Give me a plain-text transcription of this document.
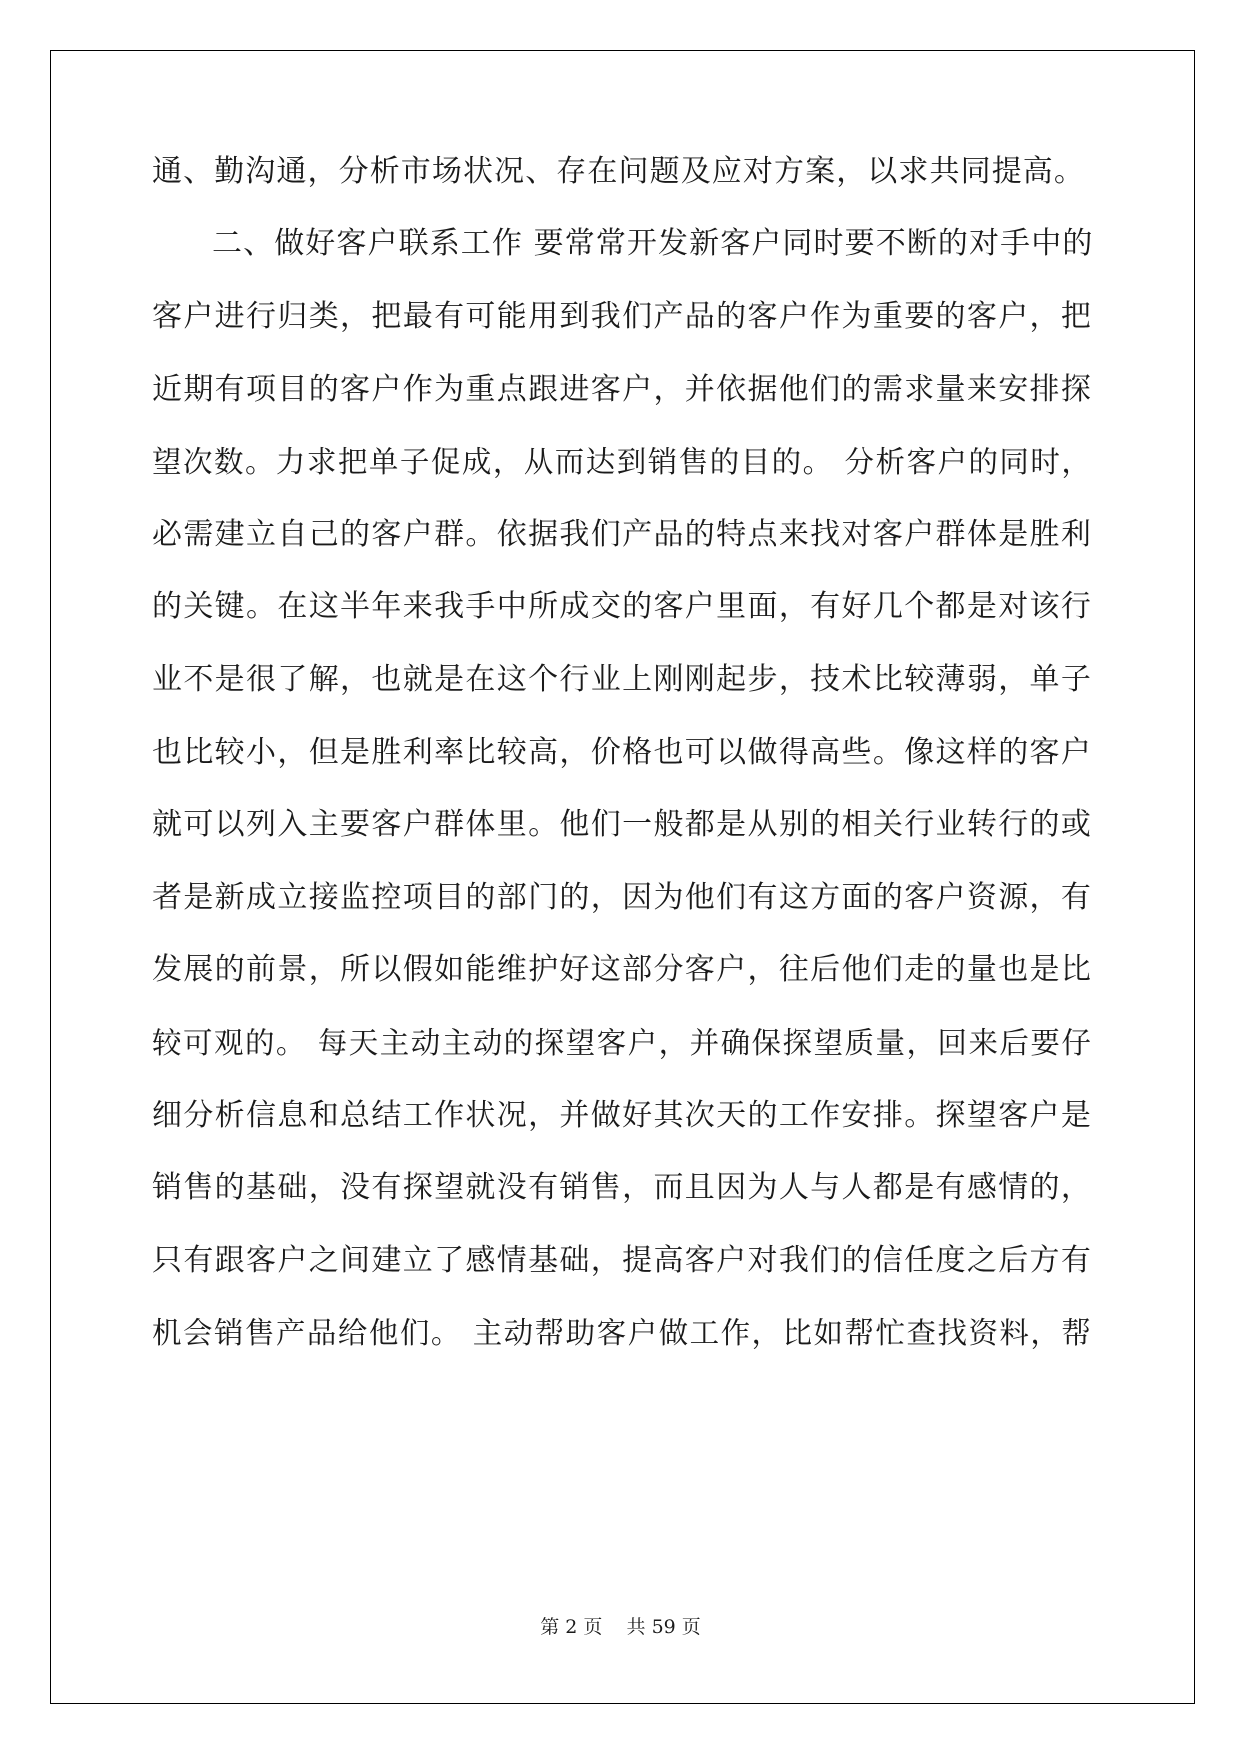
通、勤沟通，分析市场状况、存在问题及应对方案，以求共同提高。
二、做好客户联系工作 要常常开发新客户同时要不断的对手中的
客户进行归类，把最有可能用到我们产品的客户作为重要的客户，把
近期有项目的客户作为重点跟进客户，并依据他们的需求量来安排探
望次数。力求把单子促成，从而达到销售的目的。 分析客户的同时，
必需建立自己的客户群。依据我们产品的特点来找对客户群体是胜利
的关键。在这半年来我手中所成交的客户里面，有好几个都是对该行
业不是很了解，也就是在这个行业上刚刚起步，技术比较薄弱，单子
也比较小，但是胜利率比较高，价格也可以做得高些。像这样的客户
就可以列入主要客户群体里。他们一般都是从别的相关行业转行的或
者是新成立接监控项目的部门的，因为他们有这方面的客户资源，有
发展的前景，所以假如能维护好这部分客户，往后他们走的量也是比
较可观的。 每天主动主动的探望客户，并确保探望质量，回来后要仔
细分析信息和总结工作状况，并做好其次天的工作安排。探望客户是
销售的基础，没有探望就没有销售，而且因为人与人都是有感情的，
只有跟客户之间建立了感情基础，提高客户对我们的信任度之后方有
机会销售产品给他们。 主动帮助客户做工作，比如帮忙查找资料，帮
第 2 页 共 59 页
